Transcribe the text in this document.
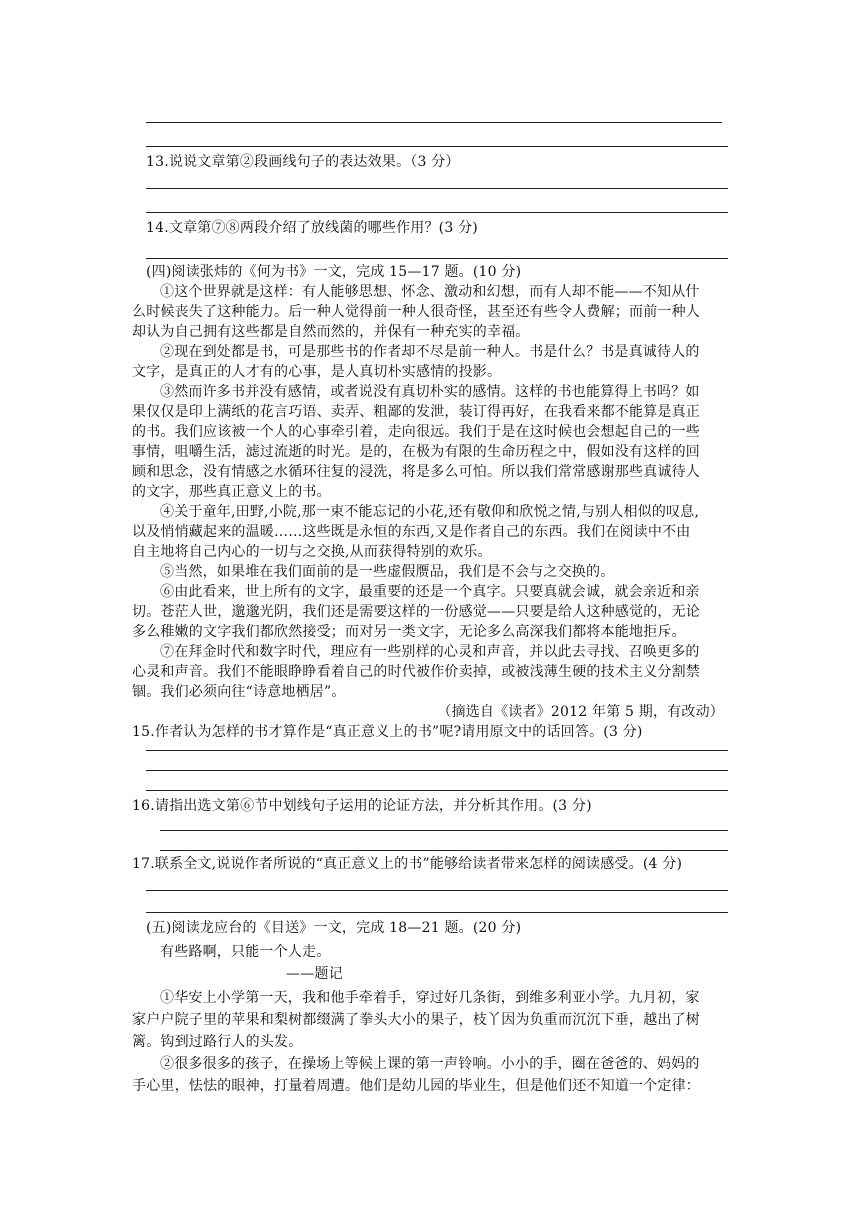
13.说说文章第②段画线句子的表达效果。（3 分）
14.文章第⑦⑧两段介绍了放线菌的哪些作用？(3 分)
(四)阅读张炜的《何为书》一文，完成 15—17 题。(10 分)
①这个世界就是这样：有人能够思想、怀念、激动和幻想，而有人却不能——不知从什
么时候丧失了这种能力。后一种人觉得前一种人很奇怪，甚至还有些令人费解；而前一种人
却认为自己拥有这些都是自然而然的，并保有一种充实的幸福。
②现在到处都是书，可是那些书的作者却不尽是前一种人。书是什么？书是真诚待人的
文字，是真正的人才有的心事，是人真切朴实感情的投影。
③然而许多书并没有感情，或者说没有真切朴实的感情。这样的书也能算得上书吗？如
果仅仅是印上满纸的花言巧语、卖弄、粗鄙的发泄，装订得再好，在我看来都不能算是真正
的书。我们应该被一个人的心事牵引着，走向很远。我们于是在这时候也会想起自己的一些
事情，咀嚼生活，滤过流逝的时光。是的，在极为有限的生命历程之中，假如没有这样的回
顾和思念，没有情感之水循环往复的浸洗，将是多么可怕。所以我们常常感谢那些真诚待人
的文字，那些真正意义上的书。
④关于童年,田野,小院,那一束不能忘记的小花,还有敬仰和欣悦之情,与别人相似的叹息,
以及悄悄藏起来的温暖……这些既是永恒的东西,又是作者自己的东西。我们在阅读中不由
自主地将自己内心的一切与之交换,从而获得特别的欢乐。
⑤当然，如果堆在我们面前的是一些虚假赝品，我们是不会与之交换的。
⑥由此看来，世上所有的文字，最重要的还是一个真字。只要真就会诚，就会亲近和亲
切。苍茫人世，邈邈光阴，我们还是需要这样的一份感觉——只要是给人这种感觉的，无论
多么稚嫩的文字我们都欣然接受；而对另一类文字，无论多么高深我们都将本能地拒斥。
⑦在拜金时代和数字时代，理应有一些别样的心灵和声音，并以此去寻找、召唤更多的
心灵和声音。我们不能眼睁睁看着自己的时代被作价卖掉，或被浅薄生硬的技术主义分割禁
锢。我们必须向往“诗意地栖居”。
（摘选自《读者》2012 年第 5 期，有改动）
15.作者认为怎样的书才算作是“真正意义上的书”呢?请用原文中的话回答。(3 分)
16.请指出选文第⑥节中划线句子运用的论证方法，并分析其作用。(3 分)
17.联系全文,说说作者所说的“真正意义上的书”能够给读者带来怎样的阅读感受。(4 分)
(五)阅读龙应台的《目送》一文，完成 18—21 题。(20 分)
有些路啊，只能一个人走。
——题记
①华安上小学第一天，我和他手牵着手，穿过好几条街，到维多利亚小学。九月初，家
家户户院子里的苹果和梨树都缀满了拳头大小的果子，枝丫因为负重而沉沉下垂，越出了树
篱。钩到过路行人的头发。
②很多很多的孩子，在操场上等候上课的第一声铃响。小小的手，圈在爸爸的、妈妈的
手心里，怯怯的眼神，打量着周遭。他们是幼儿园的毕业生，但是他们还不知道一个定律：
